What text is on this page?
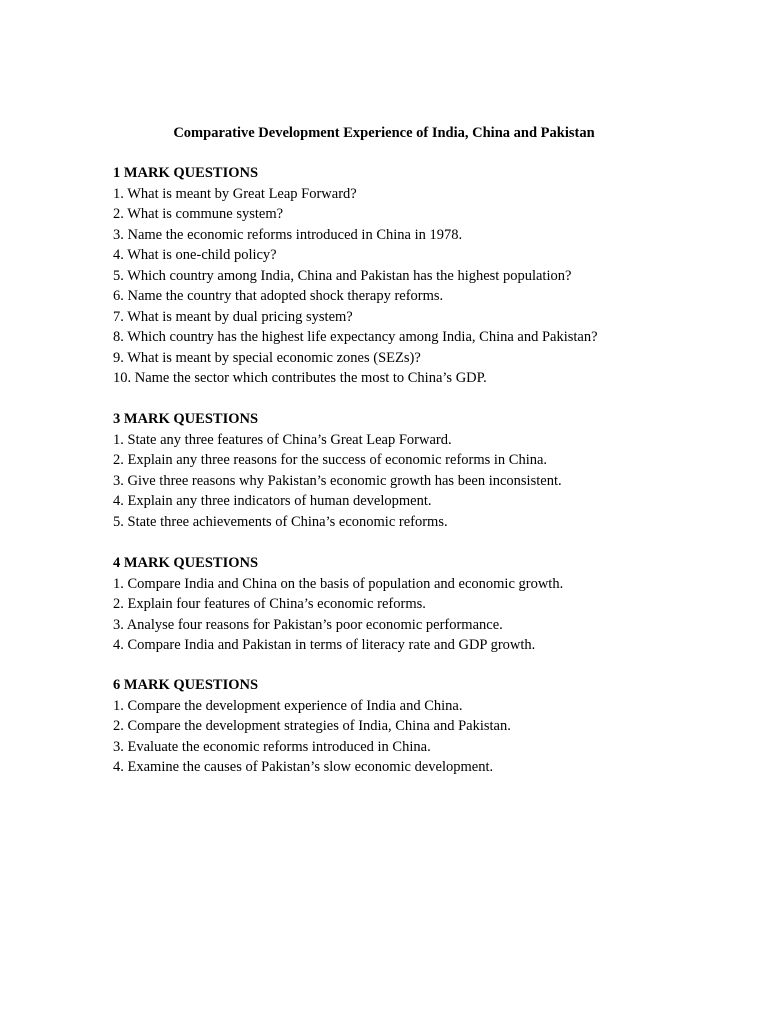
Comparative Development Experience of India, China and Pakistan
1 MARK QUESTIONS
1. What is meant by Great Leap Forward?
2. What is commune system?
3. Name the economic reforms introduced in China in 1978.
4. What is one-child policy?
5. Which country among India, China and Pakistan has the highest population?
6. Name the country that adopted shock therapy reforms.
7. What is meant by dual pricing system?
8. Which country has the highest life expectancy among India, China and Pakistan?
9. What is meant by special economic zones (SEZs)?
10. Name the sector which contributes the most to China’s GDP.
3 MARK QUESTIONS
1. State any three features of China’s Great Leap Forward.
2. Explain any three reasons for the success of economic reforms in China.
3. Give three reasons why Pakistan’s economic growth has been inconsistent.
4. Explain any three indicators of human development.
5. State three achievements of China’s economic reforms.
4 MARK QUESTIONS
1. Compare India and China on the basis of population and economic growth.
2. Explain four features of China’s economic reforms.
3. Analyse four reasons for Pakistan’s poor economic performance.
4. Compare India and Pakistan in terms of literacy rate and GDP growth.
6 MARK QUESTIONS
1. Compare the development experience of India and China.
2. Compare the development strategies of India, China and Pakistan.
3. Evaluate the economic reforms introduced in China.
4. Examine the causes of Pakistan’s slow economic development.
